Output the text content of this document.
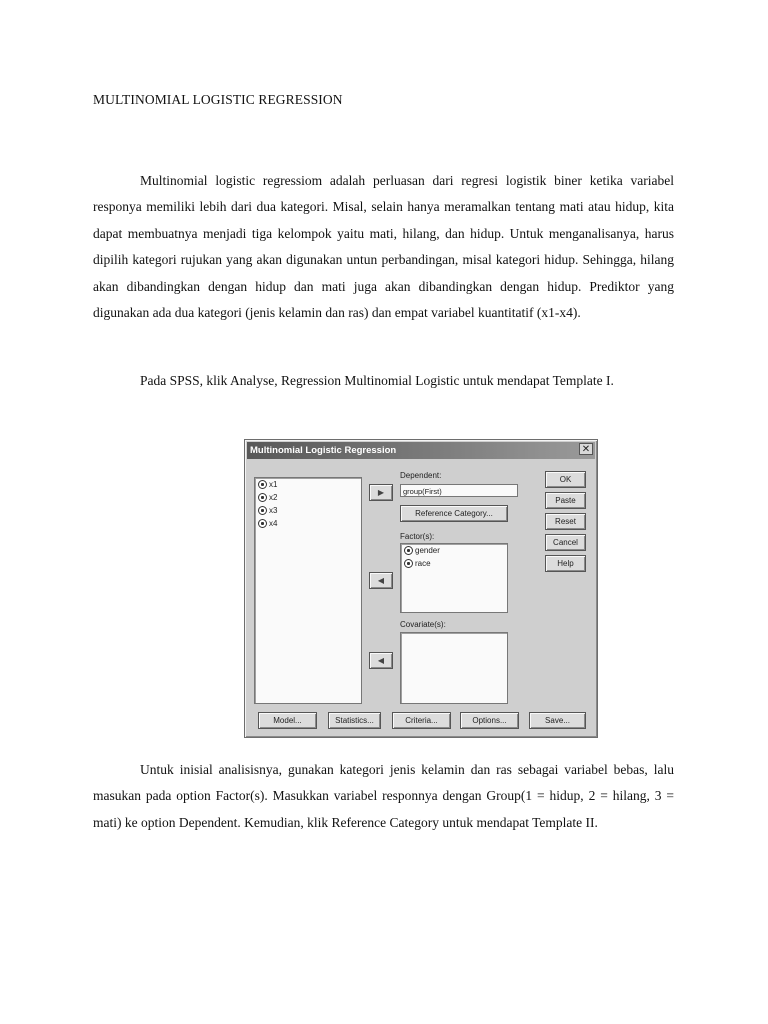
MULTINOMIAL LOGISTIC REGRESSION

Multinomial logistic regressiom adalah perluasan dari regresi logistik biner ketika variabel responya memiliki lebih dari dua kategori. Misal, selain hanya meramalkan tentang mati atau hidup, kita dapat membuatnya menjadi tiga kelompok yaitu mati, hilang, dan hidup. Untuk menganalisanya, harus dipilih kategori rujukan yang akan digunakan untun perbandingan, misal kategori hidup. Sehingga, hilang akan dibandingkan dengan hidup dan mati juga akan dibandingkan dengan hidup. Prediktor yang digunakan ada dua kategori (jenis kelamin dan ras) dan empat variabel kuantitatif (x1-x4).

Pada SPSS, klik Analyse, Regression Multinomial Logistic untuk mendapat Template I.

Multinomial Logistic Regression	✕
x1
x2
x3
x4
▶
◀
◀
Dependent:
group(First)
Reference Category...
Factor(s):
gender
race
Covariate(s):
OK
Paste
Reset
Cancel
Help
Model...	Statistics...	Criteria...	Options...	Save...

Untuk inisial analisisnya, gunakan kategori jenis kelamin dan ras sebagai variabel bebas, lalu masukan pada option Factor(s). Masukkan variabel responnya dengan Group(1 = hidup, 2 = hilang, 3 = mati) ke option Dependent. Kemudian, klik Reference Category untuk mendapat Template II.
